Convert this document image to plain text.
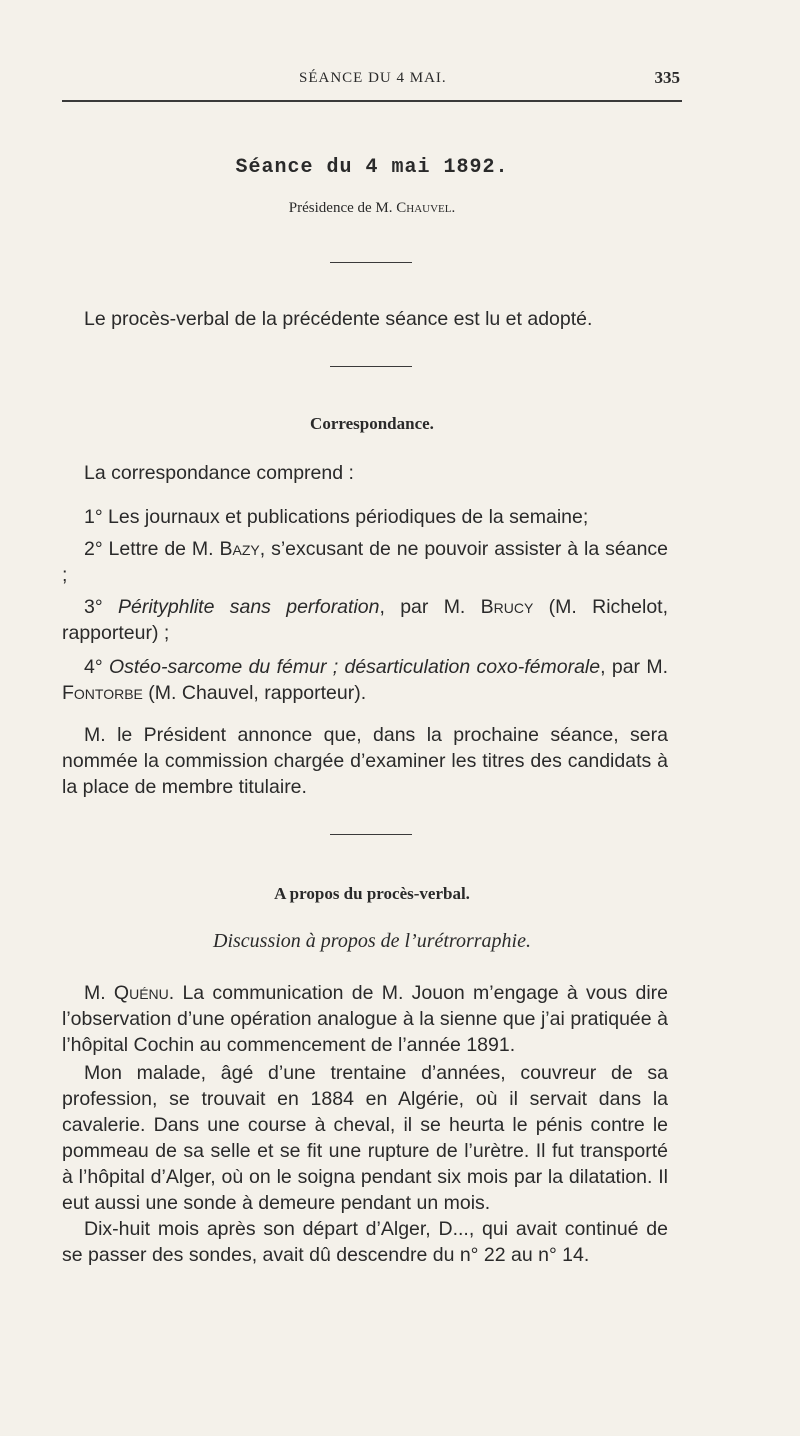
SÉANCE DU 4 MAI.	335
Séance du 4 mai 1892.
Présidence de M. Chauvel.
Le procès-verbal de la précédente séance est lu et adopté.
Correspondance.
La correspondance comprend :
1° Les journaux et publications périodiques de la semaine;
2° Lettre de M. Bazy, s’excusant de ne pouvoir assister à la séance ;
3° Pérityphlite sans perforation, par M. Brucy (M. Richelot, rapporteur) ;
4° Ostéo-sarcome du fémur ; désarticulation coxo-fémorale, par M. Fontorbe (M. Chauvel, rapporteur).
M. le Président annonce que, dans la prochaine séance, sera nommée la commission chargée d’examiner les titres des candidats à la place de membre titulaire.
A propos du procès-verbal.
Discussion à propos de l’urétrorraphie.
M. Quénu. La communication de M. Jouon m’engage à vous dire l’observation d’une opération analogue à la sienne que j’ai pratiquée à l’hôpital Cochin au commencement de l’année 1891.
Mon malade, âgé d’une trentaine d’années, couvreur de sa profession, se trouvait en 1884 en Algérie, où il servait dans la cavalerie. Dans une course à cheval, il se heurta le pénis contre le pommeau de sa selle et se fit une rupture de l’urètre. Il fut transporté à l’hôpital d’Alger, où on le soigna pendant six mois par la dilatation. Il eut aussi une sonde à demeure pendant un mois.
Dix-huit mois après son départ d’Alger, D..., qui avait continué de se passer des sondes, avait dû descendre du n° 22 au n° 14.
